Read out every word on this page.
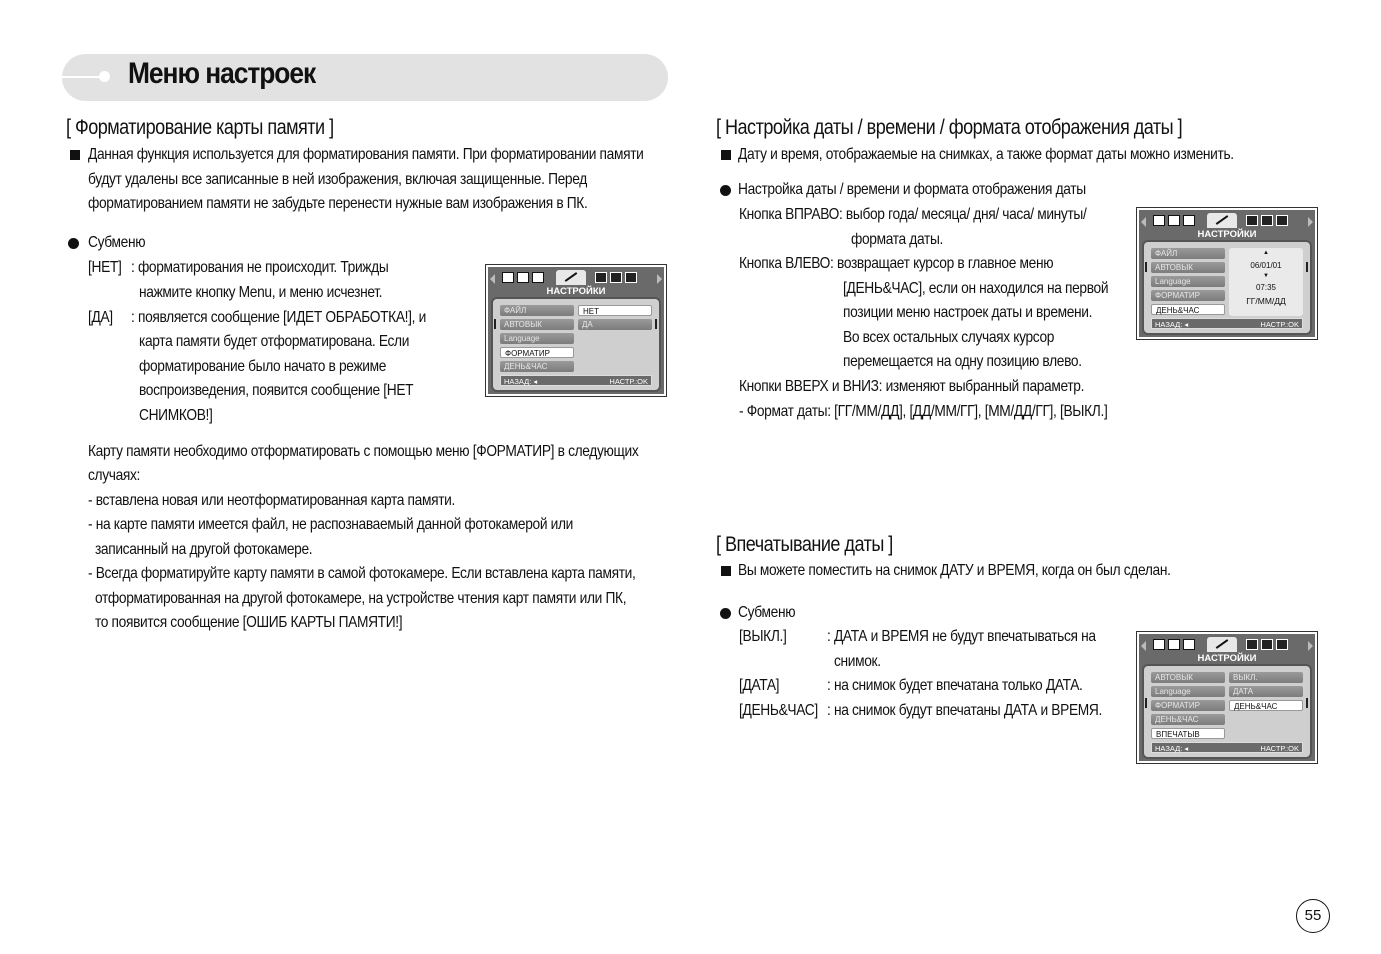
Меню настроек
[ Форматирование карты памяти ]
Данная функция используется для форматирования памяти. При форматировании памяти
будут удалены все записанные в ней изображения, включая защищенные. Перед
форматированием памяти не забудьте перенести нужные вам изображения в ПК.
Субменю
[НЕТ] : форматирования не происходит. Трижды
нажмите кнопку Menu, и меню исчезнет.
[ДА] : появляется сообщение [ИДЕТ ОБРАБОТКА!], и
карта памяти будет отформатирована. Если
форматирование было начато в режиме
воспроизведения, появится сообщение [НЕТ
СНИМКОВ!]
Карту памяти необходимо отформатировать с помощью меню [ФОРМАТИР] в следующих
случаях:
- вставлена новая или неотформатированная карта памяти.
- на карте памяти имеется файл, не распознаваемый данной фотокамерой или
записанный на другой фотокамере.
- Всегда форматируйте карту памяти в самой фотокамере. Если вставлена карта памяти,
отформатированная на другой фотокамере, на устройстве чтения карт памяти или ПК,
то появится сообщение [ОШИБ КАРТЫ ПАМЯТИ!]
НАСТРОЙКИ
ФАЙЛ
АВТОВЫК
Language
ФОРМАТИР
ДЕНЬ&ЧАС
НЕТ
ДА
НАЗАД: ◂	НАСТР.:OK
[ Настройка даты / времени / формата отображения даты ]
Дату и время, отображаемые на снимках, а также формат даты можно изменить.
Настройка даты / времени и формата отображения даты
Кнопка ВПРАВО: выбор года/ месяца/ дня/ часа/ минуты/
формата даты.
Кнопка ВЛЕВО: возвращает курсор в главное меню
[ДЕНЬ&ЧАС], если он находился на первой
позиции меню настроек даты и времени.
Во всех остальных случаях курсор
перемещается на одну позицию влево.
Кнопки ВВЕРХ и ВНИЗ: изменяют выбранный параметр.
- Формат даты: [ГГ/ММ/ДД], [ДД/ММ/ГГ], [ММ/ДД/ГГ], [ВЫКЛ.]
НАСТРОЙКИ
ФАЙЛ
АВТОВЫК
Language
ФОРМАТИР
ДЕНЬ&ЧАС
▲
06/01/01
▼
07:35
ГГ/ММ/ДД
НАЗАД: ◂	НАСТР.:OK
[ Впечатывание даты ]
Вы можете поместить на снимок ДАТУ и ВРЕМЯ, когда он был сделан.
Субменю
[ВЫКЛ.]	: ДАТА и ВРЕМЯ не будут впечатываться на
снимок.
[ДАТА]	: на снимок будет впечатана только ДАТА.
[ДЕНЬ&ЧАС] : на снимок будут впечатаны ДАТА и ВРЕМЯ.
НАСТРОЙКИ
АВТОВЫК
Language
ФОРМАТИР
ДЕНЬ&ЧАС
ВПЕЧАТЫВ
ВЫКЛ.
ДАТА
ДЕНЬ&ЧАС
НАЗАД: ◂	НАСТР.:OK
55
